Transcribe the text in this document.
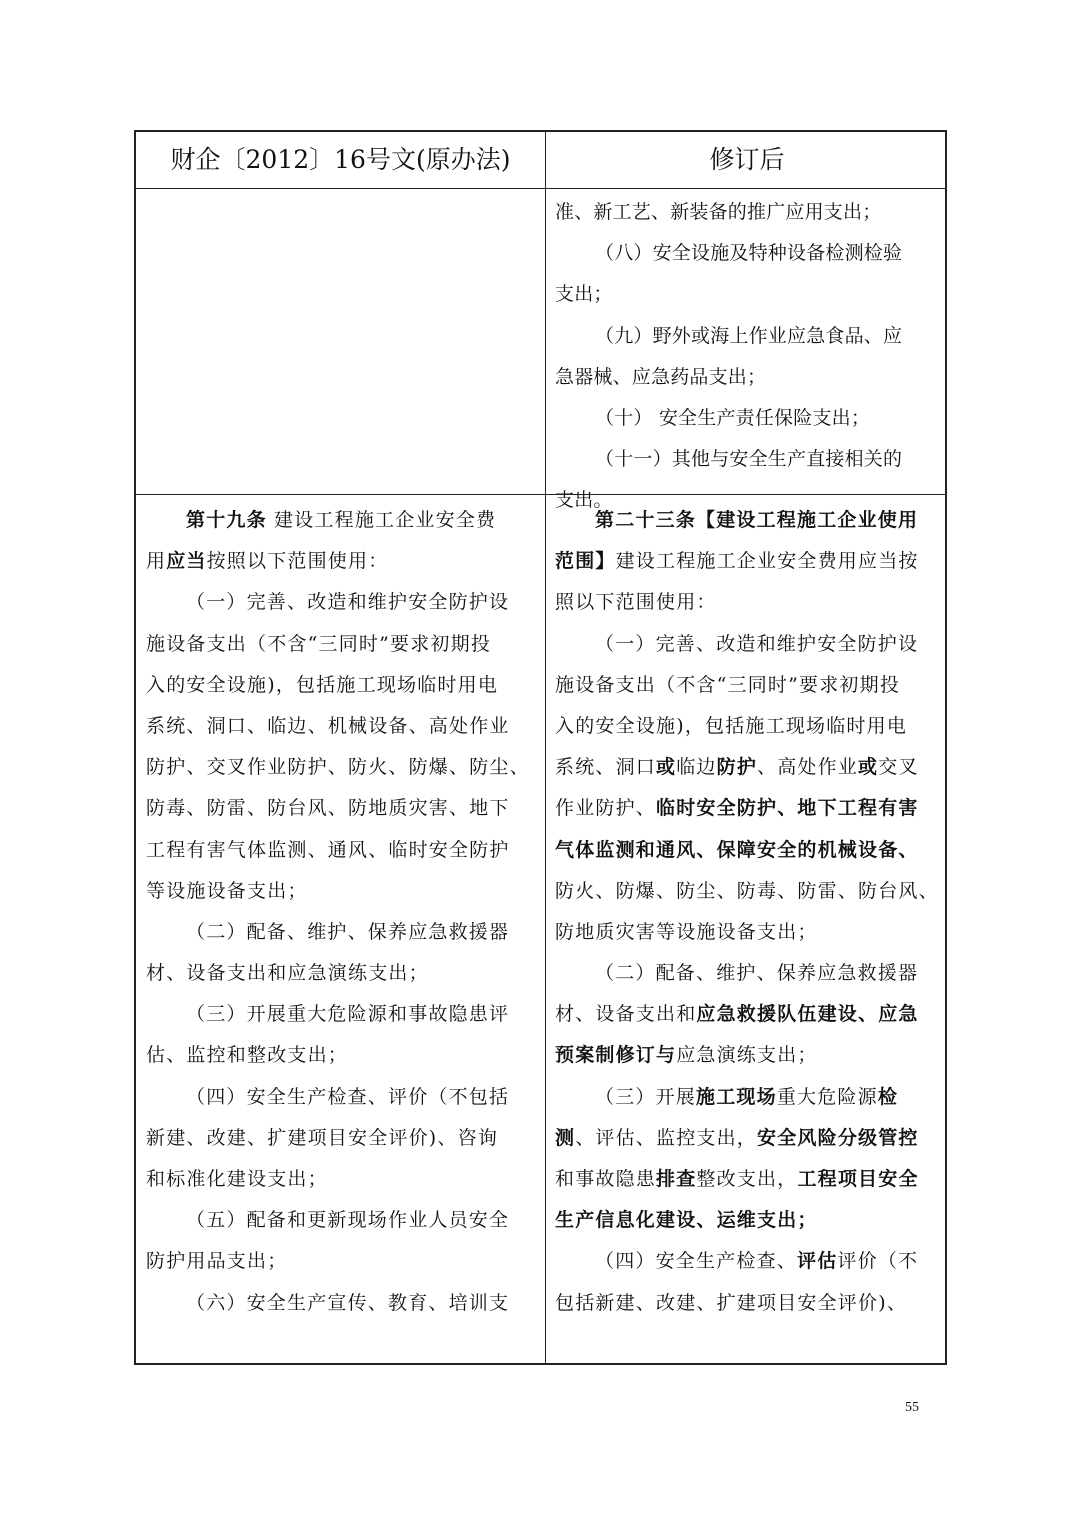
财企〔2012〕16号文(原办法)	修订后
准、新工艺、新装备的推广应用支出；
（八）安全设施及特种设备检测检验
支出；
（九）野外或海上作业应急食品、应
急器械、应急药品支出；
（十） 安全生产责任保险支出；
（十一）其他与安全生产直接相关的
支出。
第十九条 建设工程施工企业安全费
用应当按照以下范围使用：
（一）完善、改造和维护安全防护设
施设备支出（不含“三同时”要求初期投
入的安全设施)，包括施工现场临时用电
系统、洞口、临边、机械设备、高处作业
防护、交叉作业防护、防火、防爆、防尘、
防毒、防雷、防台风、防地质灾害、地下
工程有害气体监测、通风、临时安全防护
等设施设备支出；
（二）配备、维护、保养应急救援器
材、设备支出和应急演练支出；
（三）开展重大危险源和事故隐患评
估、监控和整改支出；
（四）安全生产检查、评价（不包括
新建、改建、扩建项目安全评价)、咨询
和标准化建设支出；
（五）配备和更新现场作业人员安全
防护用品支出；
（六）安全生产宣传、教育、培训支
第二十三条【建设工程施工企业使用
范围】建设工程施工企业安全费用应当按
照以下范围使用：
（一）完善、改造和维护安全防护设
施设备支出（不含“三同时”要求初期投
入的安全设施)，包括施工现场临时用电
系统、洞口或临边防护、高处作业或交叉
作业防护、临时安全防护、地下工程有害
气体监测和通风、保障安全的机械设备、
防火、防爆、防尘、防毒、防雷、防台风、
防地质灾害等设施设备支出；
（二）配备、维护、保养应急救援器
材、设备支出和应急救援队伍建设、应急
预案制修订与应急演练支出；
（三）开展施工现场重大危险源检
测、评估、监控支出，安全风险分级管控
和事故隐患排查整改支出，工程项目安全
生产信息化建设、运维支出；
（四）安全生产检查、评估评价（不
包括新建、改建、扩建项目安全评价)、
55
